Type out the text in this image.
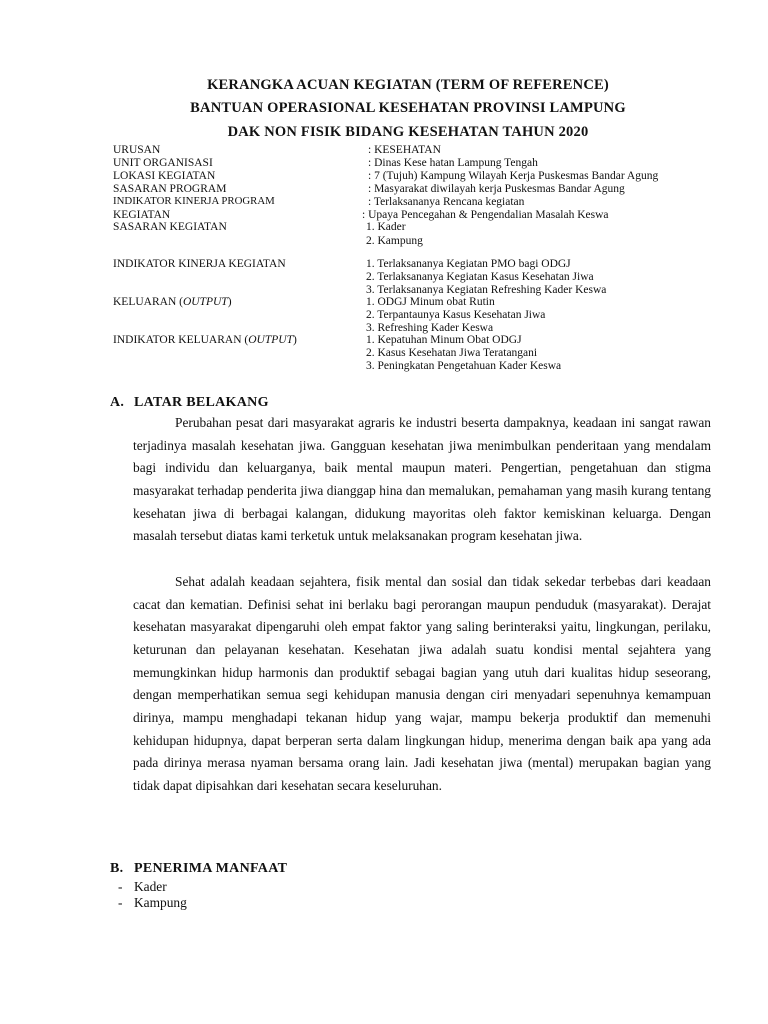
KERANGKA ACUAN KEGIATAN (TERM OF REFERENCE)
BANTUAN OPERASIONAL KESEHATAN PROVINSI LAMPUNG
DAK NON FISIK BIDANG KESEHATAN TAHUN 2020
URUSAN	: KESEHATAN
UNIT ORGANISASI	: Dinas Kese hatan Lampung Tengah
LOKASI KEGIATAN	: 7 (Tujuh) Kampung Wilayah Kerja Puskesmas Bandar Agung
SASARAN PROGRAM	: Masyarakat diwilayah kerja Puskesmas Bandar Agung
INDIKATOR KINERJA PROGRAM	: Terlaksananya Rencana kegiatan
KEGIATAN	: Upaya Pencegahan & Pengendalian Masalah Keswa
SASARAN KEGIATAN	1. Kader
2. Kampung
INDIKATOR KINERJA KEGIATAN	1. Terlaksananya Kegiatan PMO bagi ODGJ
2. Terlaksananya Kegiatan Kasus Kesehatan Jiwa
3. Terlaksananya Kegiatan Refreshing Kader Keswa
KELUARAN (OUTPUT)	1. ODGJ Minum obat Rutin
2. Terpantaunya Kasus Kesehatan Jiwa
3. Refreshing Kader Keswa
INDIKATOR KELUARAN (OUTPUT)	1. Kepatuhan Minum Obat ODGJ
2. Kasus Kesehatan Jiwa Teratangani
3. Peningkatan Pengetahuan Kader Keswa
A. LATAR BELAKANG

Perubahan pesat dari masyarakat agraris ke industri beserta dampaknya, keadaan ini sangat rawan terjadinya masalah kesehatan jiwa. Gangguan kesehatan jiwa menimbulkan penderitaan yang mendalam bagi individu dan keluarganya, baik mental maupun materi. Pengertian, pengetahuan dan stigma masyarakat terhadap penderita jiwa dianggap hina dan memalukan, pemahaman yang masih kurang tentang kesehatan jiwa di berbagai kalangan, didukung mayoritas oleh faktor kemiskinan keluarga. Dengan masalah tersebut diatas kami terketuk untuk melaksanakan program kesehatan jiwa.

Sehat adalah keadaan sejahtera, fisik mental dan sosial dan tidak sekedar terbebas dari keadaan cacat dan kematian. Definisi sehat ini berlaku bagi perorangan maupun penduduk (masyarakat). Derajat kesehatan masyarakat dipengaruhi oleh empat faktor yang saling berinteraksi yaitu, lingkungan, perilaku, keturunan dan pelayanan kesehatan. Kesehatan jiwa adalah suatu kondisi mental sejahtera yang memungkinkan hidup harmonis dan produktif sebagai bagian yang utuh dari kualitas hidup seseorang, dengan memperhatikan semua segi kehidupan manusia dengan ciri menyadari sepenuhnya kemampuan dirinya, mampu menghadapi tekanan hidup yang wajar, mampu bekerja produktif dan memenuhi kehidupan hidupnya, dapat berperan serta dalam lingkungan hidup, menerima dengan baik apa yang ada pada dirinya merasa nyaman bersama orang lain. Jadi kesehatan jiwa (mental) merupakan bagian yang tidak dapat dipisahkan dari kesehatan secara keseluruhan.

B. PENERIMA MANFAAT
- Kader
- Kampung
